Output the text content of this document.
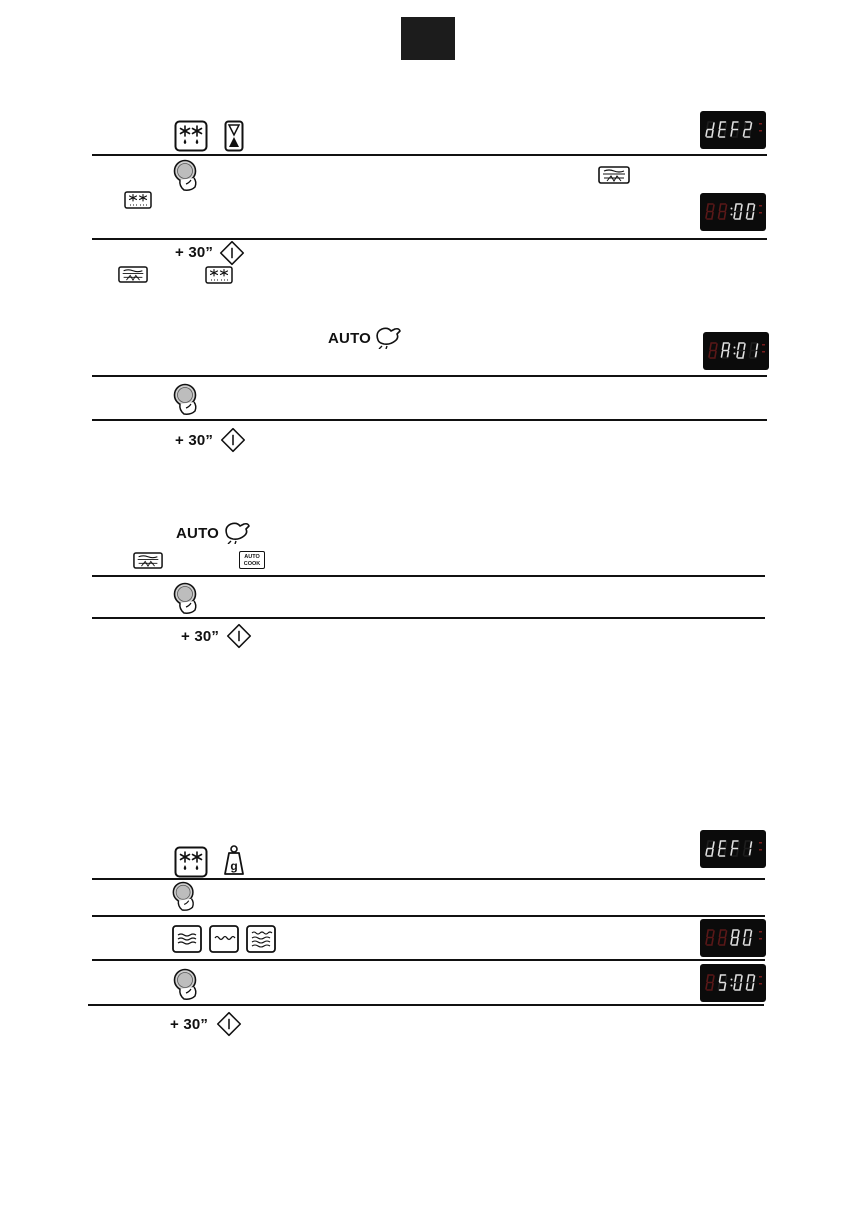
+ 30”
AUTO
+ 30”
AUTO
AUTO
COOK
+ 30”
+ 30”
